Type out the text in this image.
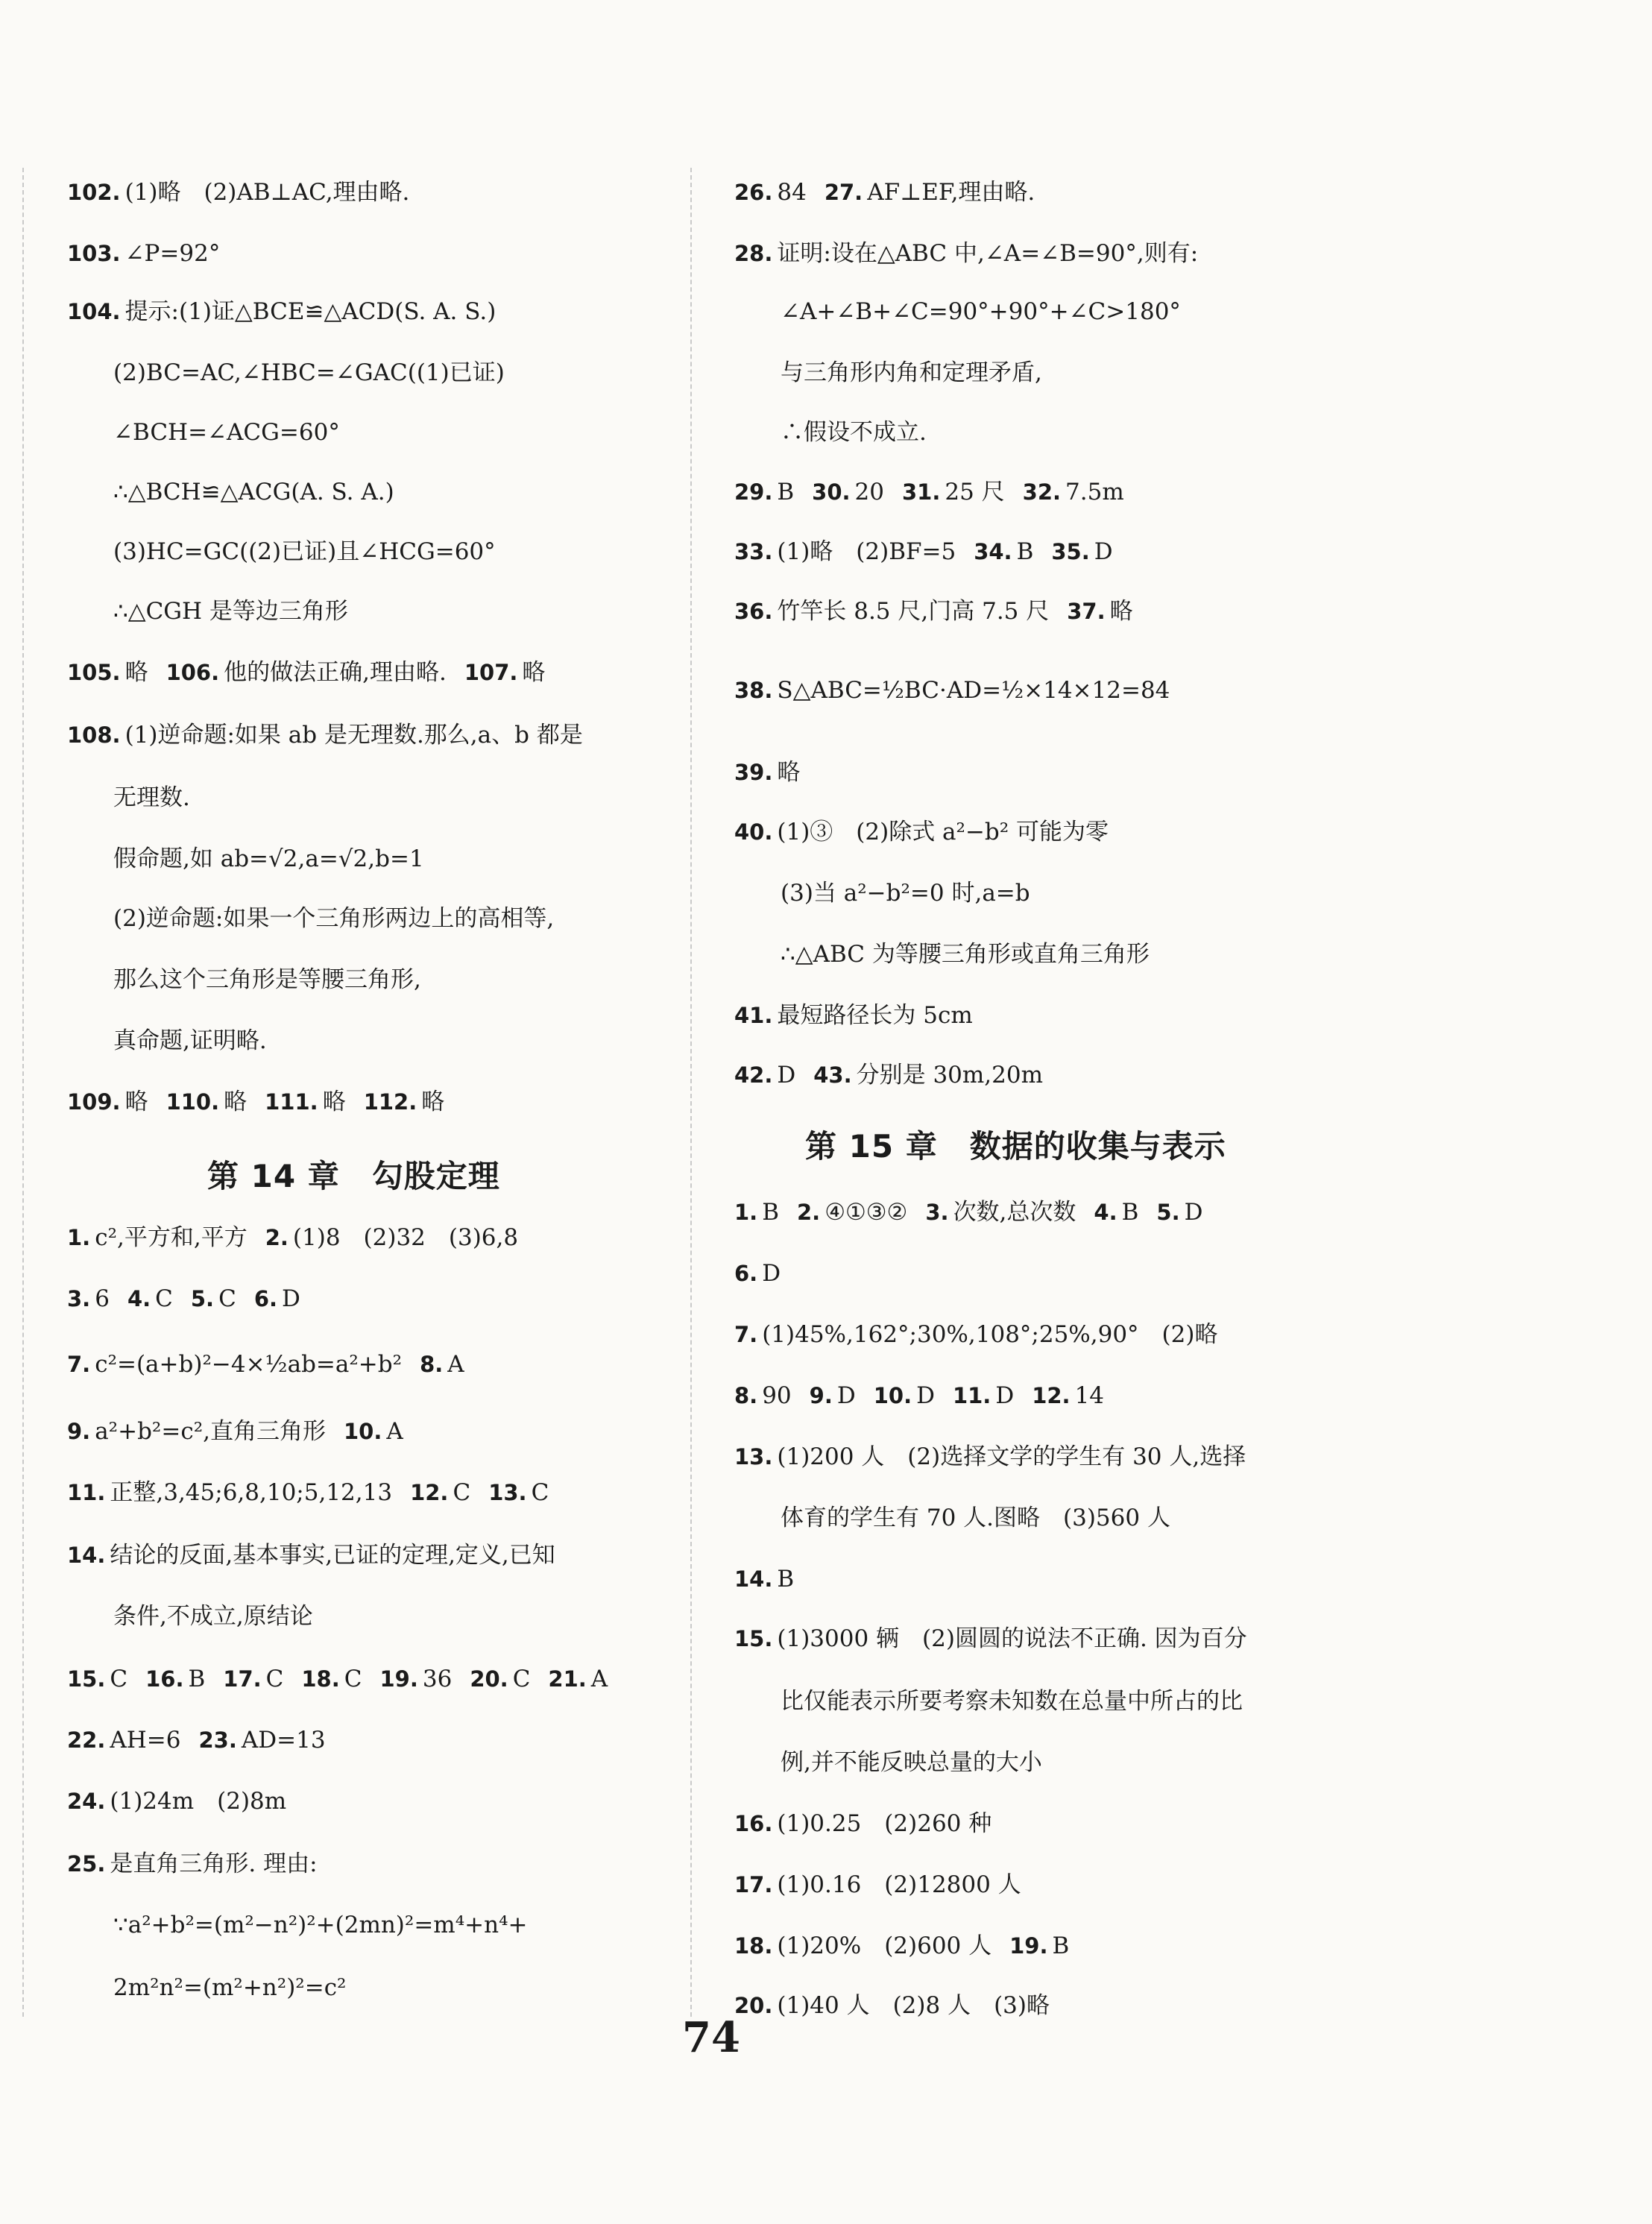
102. (1)略　(2)AB⊥AC,理由略.
103. ∠P=92°
104. 提示:(1)证△BCE≌△ACD(S. A. S.)
(2)BC=AC,∠HBC=∠GAC((1)已证)
∠BCH=∠ACG=60°
∴△BCH≌△ACG(A. S. A.)
(3)HC=GC((2)已证)且∠HCG=60°
∴△CGH 是等边三角形
105. 略 106. 他的做法正确,理由略. 107. 略
108. (1)逆命题:如果 ab 是无理数.那么,a、b 都是
无理数.
假命题,如 ab=√2,a=√2,b=1
(2)逆命题:如果一个三角形两边上的高相等,
那么这个三角形是等腰三角形,
真命题,证明略.
109. 略 110. 略 111. 略 112. 略
1. c²,平方和,平方 2. (1)8　(2)32　(3)6,8
3. 6 4. C 5. C 6. D
7. c²=(a+b)²−4×½ab=a²+b² 8. A
9. a²+b²=c²,直角三角形 10. A
11. 正整,3,45;6,8,10;5,12,13 12. C 13. C
14. 结论的反面,基本事实,已证的定理,定义,已知
条件,不成立,原结论
15. C 16. B 17. C 18. C 19. 36 20. C 21. A
22. AH=6 23. AD=13
24. (1)24m　(2)8m
25. 是直角三角形. 理由:
∵a²+b²=(m²−n²)²+(2mn)²=m⁴+n⁴+
2m²n²=(m²+n²)²=c²
26. 84 27. AF⊥EF,理由略.
28. 证明:设在△ABC 中,∠A=∠B=90°,则有:
∠A+∠B+∠C=90°+90°+∠C>180°
与三角形内角和定理矛盾,
∴假设不成立.
29. B 30. 20 31. 25 尺 32. 7.5m
33. (1)略　(2)BF=5 34. B 35. D
36. 竹竿长 8.5 尺,门高 7.5 尺 37. 略
38. S△ABC=½BC·AD=½×14×12=84
39. 略
40. (1)③　(2)除式 a²−b² 可能为零
(3)当 a²−b²=0 时,a=b
∴△ABC 为等腰三角形或直角三角形
41. 最短路径长为 5cm
42. D 43. 分别是 30m,20m
1. B 2. ④①③② 3. 次数,总次数 4. B 5. D
6. D
7. (1)45%,162°;30%,108°;25%,90°　(2)略
8. 90 9. D 10. D 11. D 12. 14
13. (1)200 人　(2)选择文学的学生有 30 人,选择
体育的学生有 70 人.图略　(3)560 人
14. B
15. (1)3000 辆　(2)圆圆的说法不正确. 因为百分
比仅能表示所要考察未知数在总量中所占的比
例,并不能反映总量的大小
16. (1)0.25　(2)260 种
17. (1)0.16　(2)12800 人
18. (1)20%　(2)600 人 19. B
20. (1)40 人　(2)8 人　(3)略
第 14 章　勾股定理
第 15 章　数据的收集与表示
74
